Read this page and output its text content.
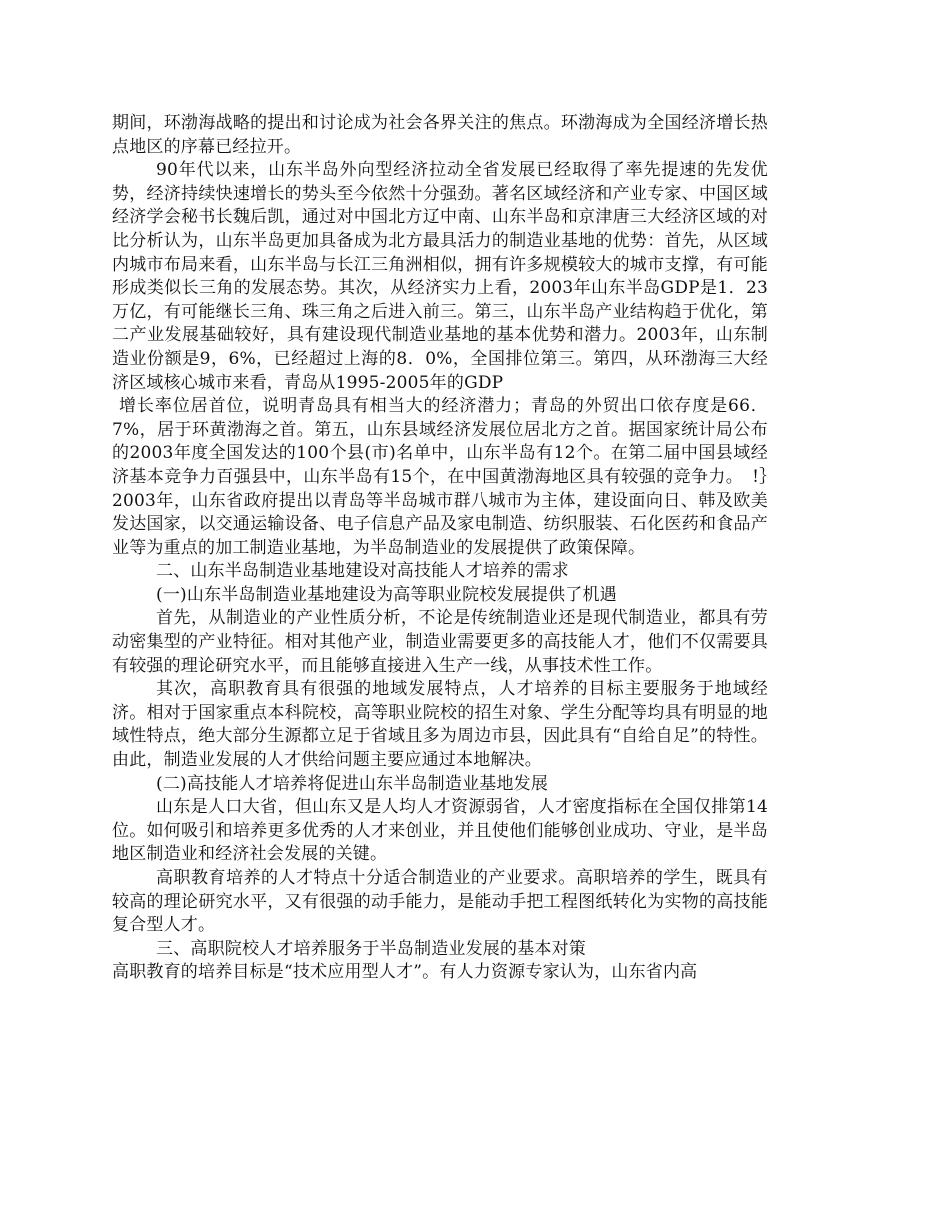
期间，环渤海战略的提出和讨论成为社会各界关注的焦点。环渤海成为全国经济增长热点地区的序幕已经拉开。

90年代以来，山东半岛外向型经济拉动全省发展已经取得了率先提速的先发优势，经济持续快速增长的势头至今依然十分强劲。著名区域经济和产业专家、中国区域经济学会秘书长魏后凯，通过对中国北方辽中南、山东半岛和京津唐三大经济区域的对比分析认为，山东半岛更加具备成为北方最具活力的制造业基地的优势：首先，从区域内城市布局来看，山东半岛与长江三角洲相似，拥有许多规模较大的城市支撑，有可能形成类似长三角的发展态势。其次，从经济实力上看，2003年山东半岛GDP是1．23万亿，有可能继长三角、珠三角之后进入前三。第三，山东半岛产业结构趋于优化，第二产业发展基础较好，具有建设现代制造业基地的基本优势和潜力。2003年，山东制造业份额是9，6%，已经超过上海的8．0%，全国排位第三。第四，从环渤海三大经济区域核心城市来看，青岛从1995-2005年的GDP

增长率位居首位，说明青岛具有相当大的经济潜力；青岛的外贸出口依存度是66．7%，居于环黄渤海之首。第五，山东县域经济发展位居北方之首。据国家统计局公布的2003年度全国发达的100个县(市)名单中，山东半岛有12个。在第二届中国县域经济基本竞争力百强县中，山东半岛有15个，在中国黄渤海地区具有较强的竞争力。　!｝　　 2003年，山东省政府提出以青岛等半岛城市群八城市为主体，建设面向日、韩及欧美发达国家，以交通运输设备、电子信息产品及家电制造、纺织服装、石化医药和食品产业等为重点的加工制造业基地，为半岛制造业的发展提供了政策保障。

二、山东半岛制造业基地建设对高技能人才培养的需求

(一)山东半岛制造业基地建设为高等职业院校发展提供了机遇

首先，从制造业的产业性质分析，不论是传统制造业还是现代制造业，都具有劳动密集型的产业特征。相对其他产业，制造业需要更多的高技能人才，他们不仅需要具有较强的理论研究水平，而且能够直接进入生产一线，从事技术性工作。

其次，高职教育具有很强的地域发展特点，人才培养的目标主要服务于地域经济。相对于国家重点本科院校，高等职业院校的招生对象、学生分配等均具有明显的地域性特点，绝大部分生源都立足于省域且多为周边市县，因此具有“自给自足”的特性。由此，制造业发展的人才供给问题主要应通过本地解决。

(二)高技能人才培养将促进山东半岛制造业基地发展

山东是人口大省，但山东又是人均人才资源弱省，人才密度指标在全国仅排第14位。如何吸引和培养更多优秀的人才来创业，并且使他们能够创业成功、守业，是半岛地区制造业和经济社会发展的关键。

高职教育培养的人才特点十分适合制造业的产业要求。高职培养的学生，既具有较高的理论研究水平，又有很强的动手能力，是能动手把工程图纸转化为实物的高技能复合型人才。

三、高职院校人才培养服务于半岛制造业发展的基本对策

高职教育的培养目标是“技术应用型人才”。有人力资源专家认为，山东省内高
